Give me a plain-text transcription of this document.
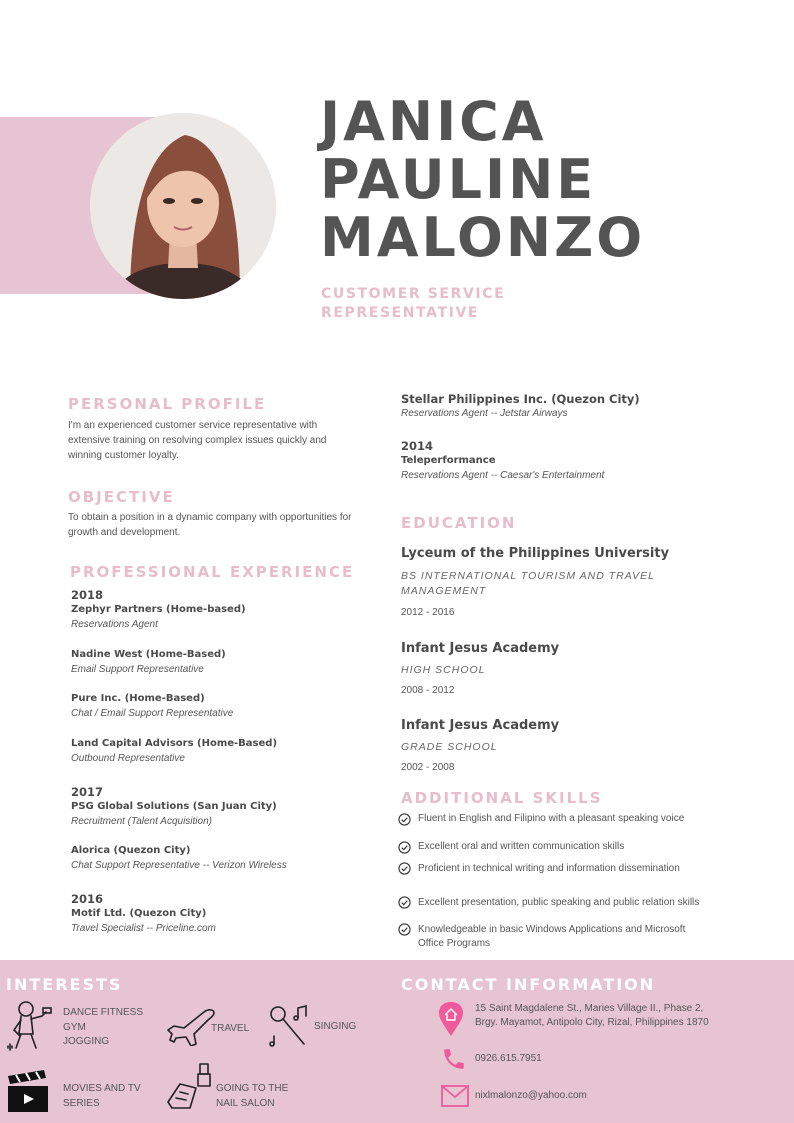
JANICA
PAULINE
MALONZO
CUSTOMER SERVICE
REPRESENTATIVE
PERSONAL PROFILE
I'm an experienced customer service representative with extensive training on resolving complex issues quickly and winning customer loyalty.
OBJECTIVE
To obtain a position in a dynamic company with opportunities for growth and development.
PROFESSIONAL EXPERIENCE
2018
Zephyr Partners (Home-based)
Reservations Agent
Nadine West (Home-Based)
Email Support Representative
Pure Inc. (Home-Based)
Chat / Email Support Representative
Land Capital Advisors (Home-Based)
Outbound Representative
2017
PSG Global Solutions (San Juan City)
Recruitment (Talent Acquisition)
Alorica (Quezon City)
Chat Support Representative -- Verizon Wireless
2016
Motif Ltd. (Quezon City)
Travel Specialist -- Priceline.com
Stellar Philippines Inc. (Quezon City)
Reservations Agent -- Jetstar Airways
2014
Teleperformance
Reservations Agent -- Caesar's Entertainment
EDUCATION
Lyceum of the Philippines University
BS INTERNATIONAL TOURISM AND TRAVEL MANAGEMENT
2012 - 2016
Infant Jesus Academy
HIGH SCHOOL
2008 - 2012
Infant Jesus Academy
GRADE SCHOOL
2002 - 2008
ADDITIONAL SKILLS
Fluent in English and Filipino with a pleasant speaking voice
Excellent oral and written communication skills
Proficient in technical writing and information dissemination
Excellent presentation, public speaking and public relation skills
Knowledgeable in basic Windows Applications and Microsoft Office Programs
INTERESTS
DANCE FITNESS
GYM
JOGGING
TRAVEL	SINGING
MOVIES AND TV
SERIES
GOING TO THE
NAIL SALON
CONTACT INFORMATION
15 Saint Magdalene St., Maries Village II., Phase 2,
Brgy. Mayamot, Antipolo City, Rizal, Philippines 1870
0926.615.7951
nixlmalonzo@yahoo.com
